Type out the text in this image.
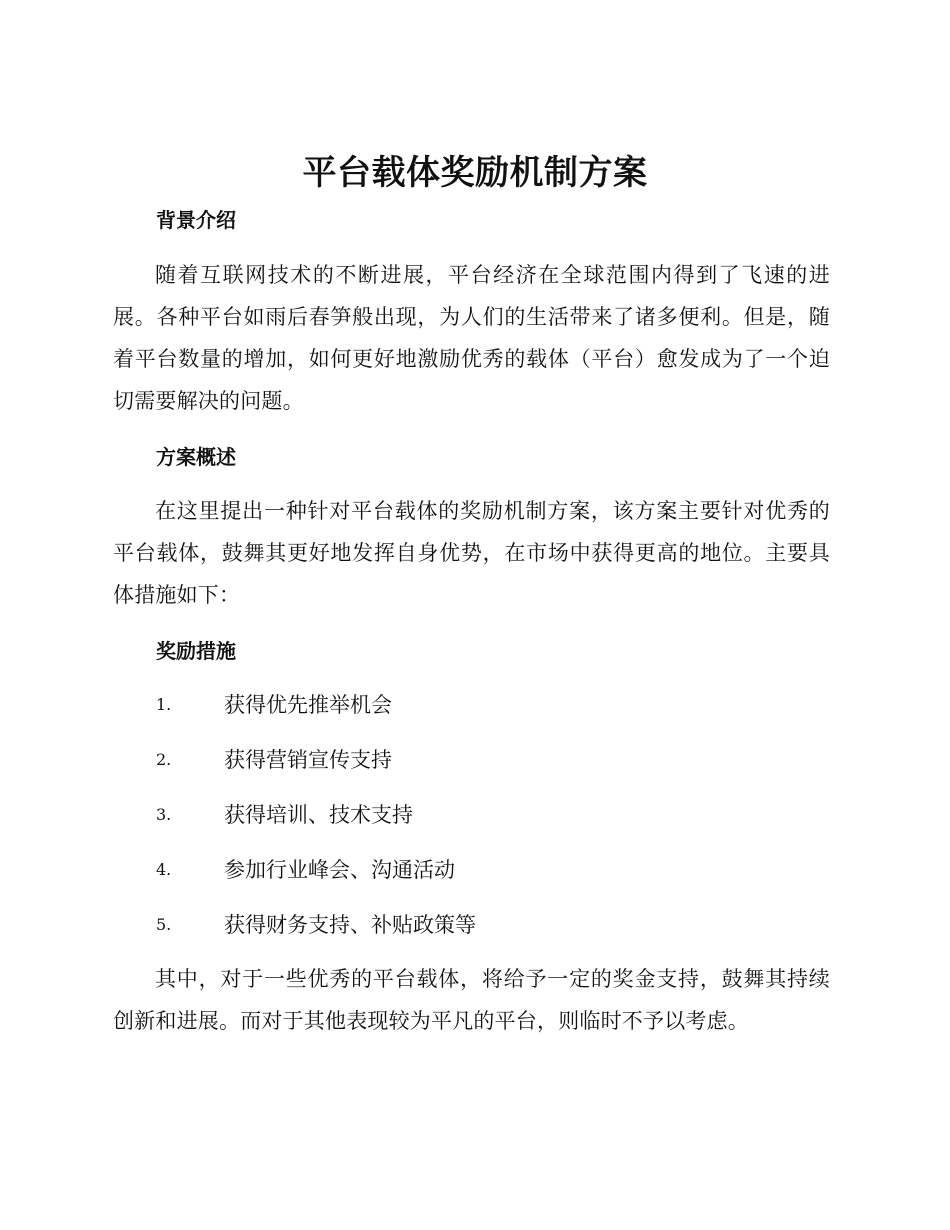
平台载体奖励机制方案
背景介绍

随着互联网技术的不断进展，平台经济在全球范围内得到了飞速的进展。各种平台如雨后春笋般出现，为人们的生活带来了诸多便利。但是，随着平台数量的增加，如何更好地激励优秀的载体（平台）愈发成为了一个迫切需要解决的问题。

方案概述

在这里提出一种针对平台载体的奖励机制方案，该方案主要针对优秀的平台载体，鼓舞其更好地发挥自身优势，在市场中获得更高的地位。主要具体措施如下：

奖励措施
1.	获得优先推举机会
2.	获得营销宣传支持
3.	获得培训、技术支持
4.	参加行业峰会、沟通活动
5.	获得财务支持、补贴政策等

其中，对于一些优秀的平台载体，将给予一定的奖金支持，鼓舞其持续创新和进展。而对于其他表现较为平凡的平台，则临时不予以考虑。
